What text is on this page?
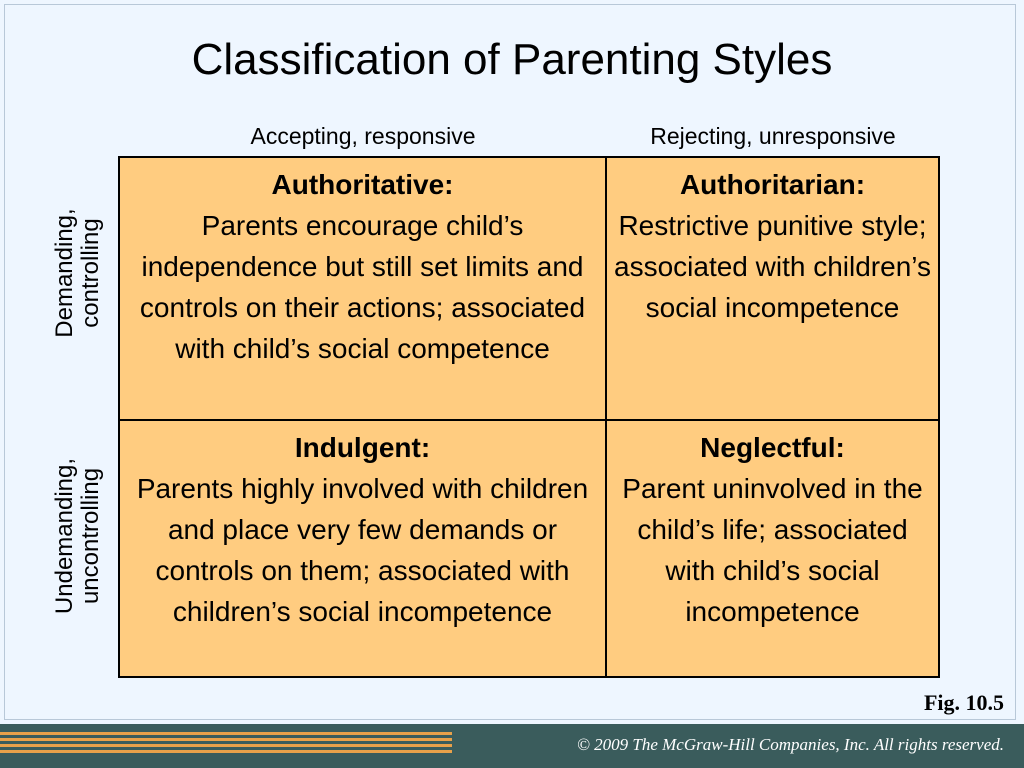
Classification of Parenting Styles
Accepting, responsive	Rejecting, unresponsive
Demanding, controlling
Undemanding, uncontrolling
Authoritative:
Parents encourage child’s independence but still set limits and controls on their actions; associated with child’s social competence
Authoritarian:
Restrictive punitive style; associated with children’s social incompetence
Indulgent:
Parents highly involved with children and place very few demands or controls on them; associated with children’s social incompetence
Neglectful:
Parent uninvolved in the child’s life; associated with child’s social incompetence
Fig. 10.5
© 2009 The McGraw-Hill Companies, Inc. All rights reserved.
